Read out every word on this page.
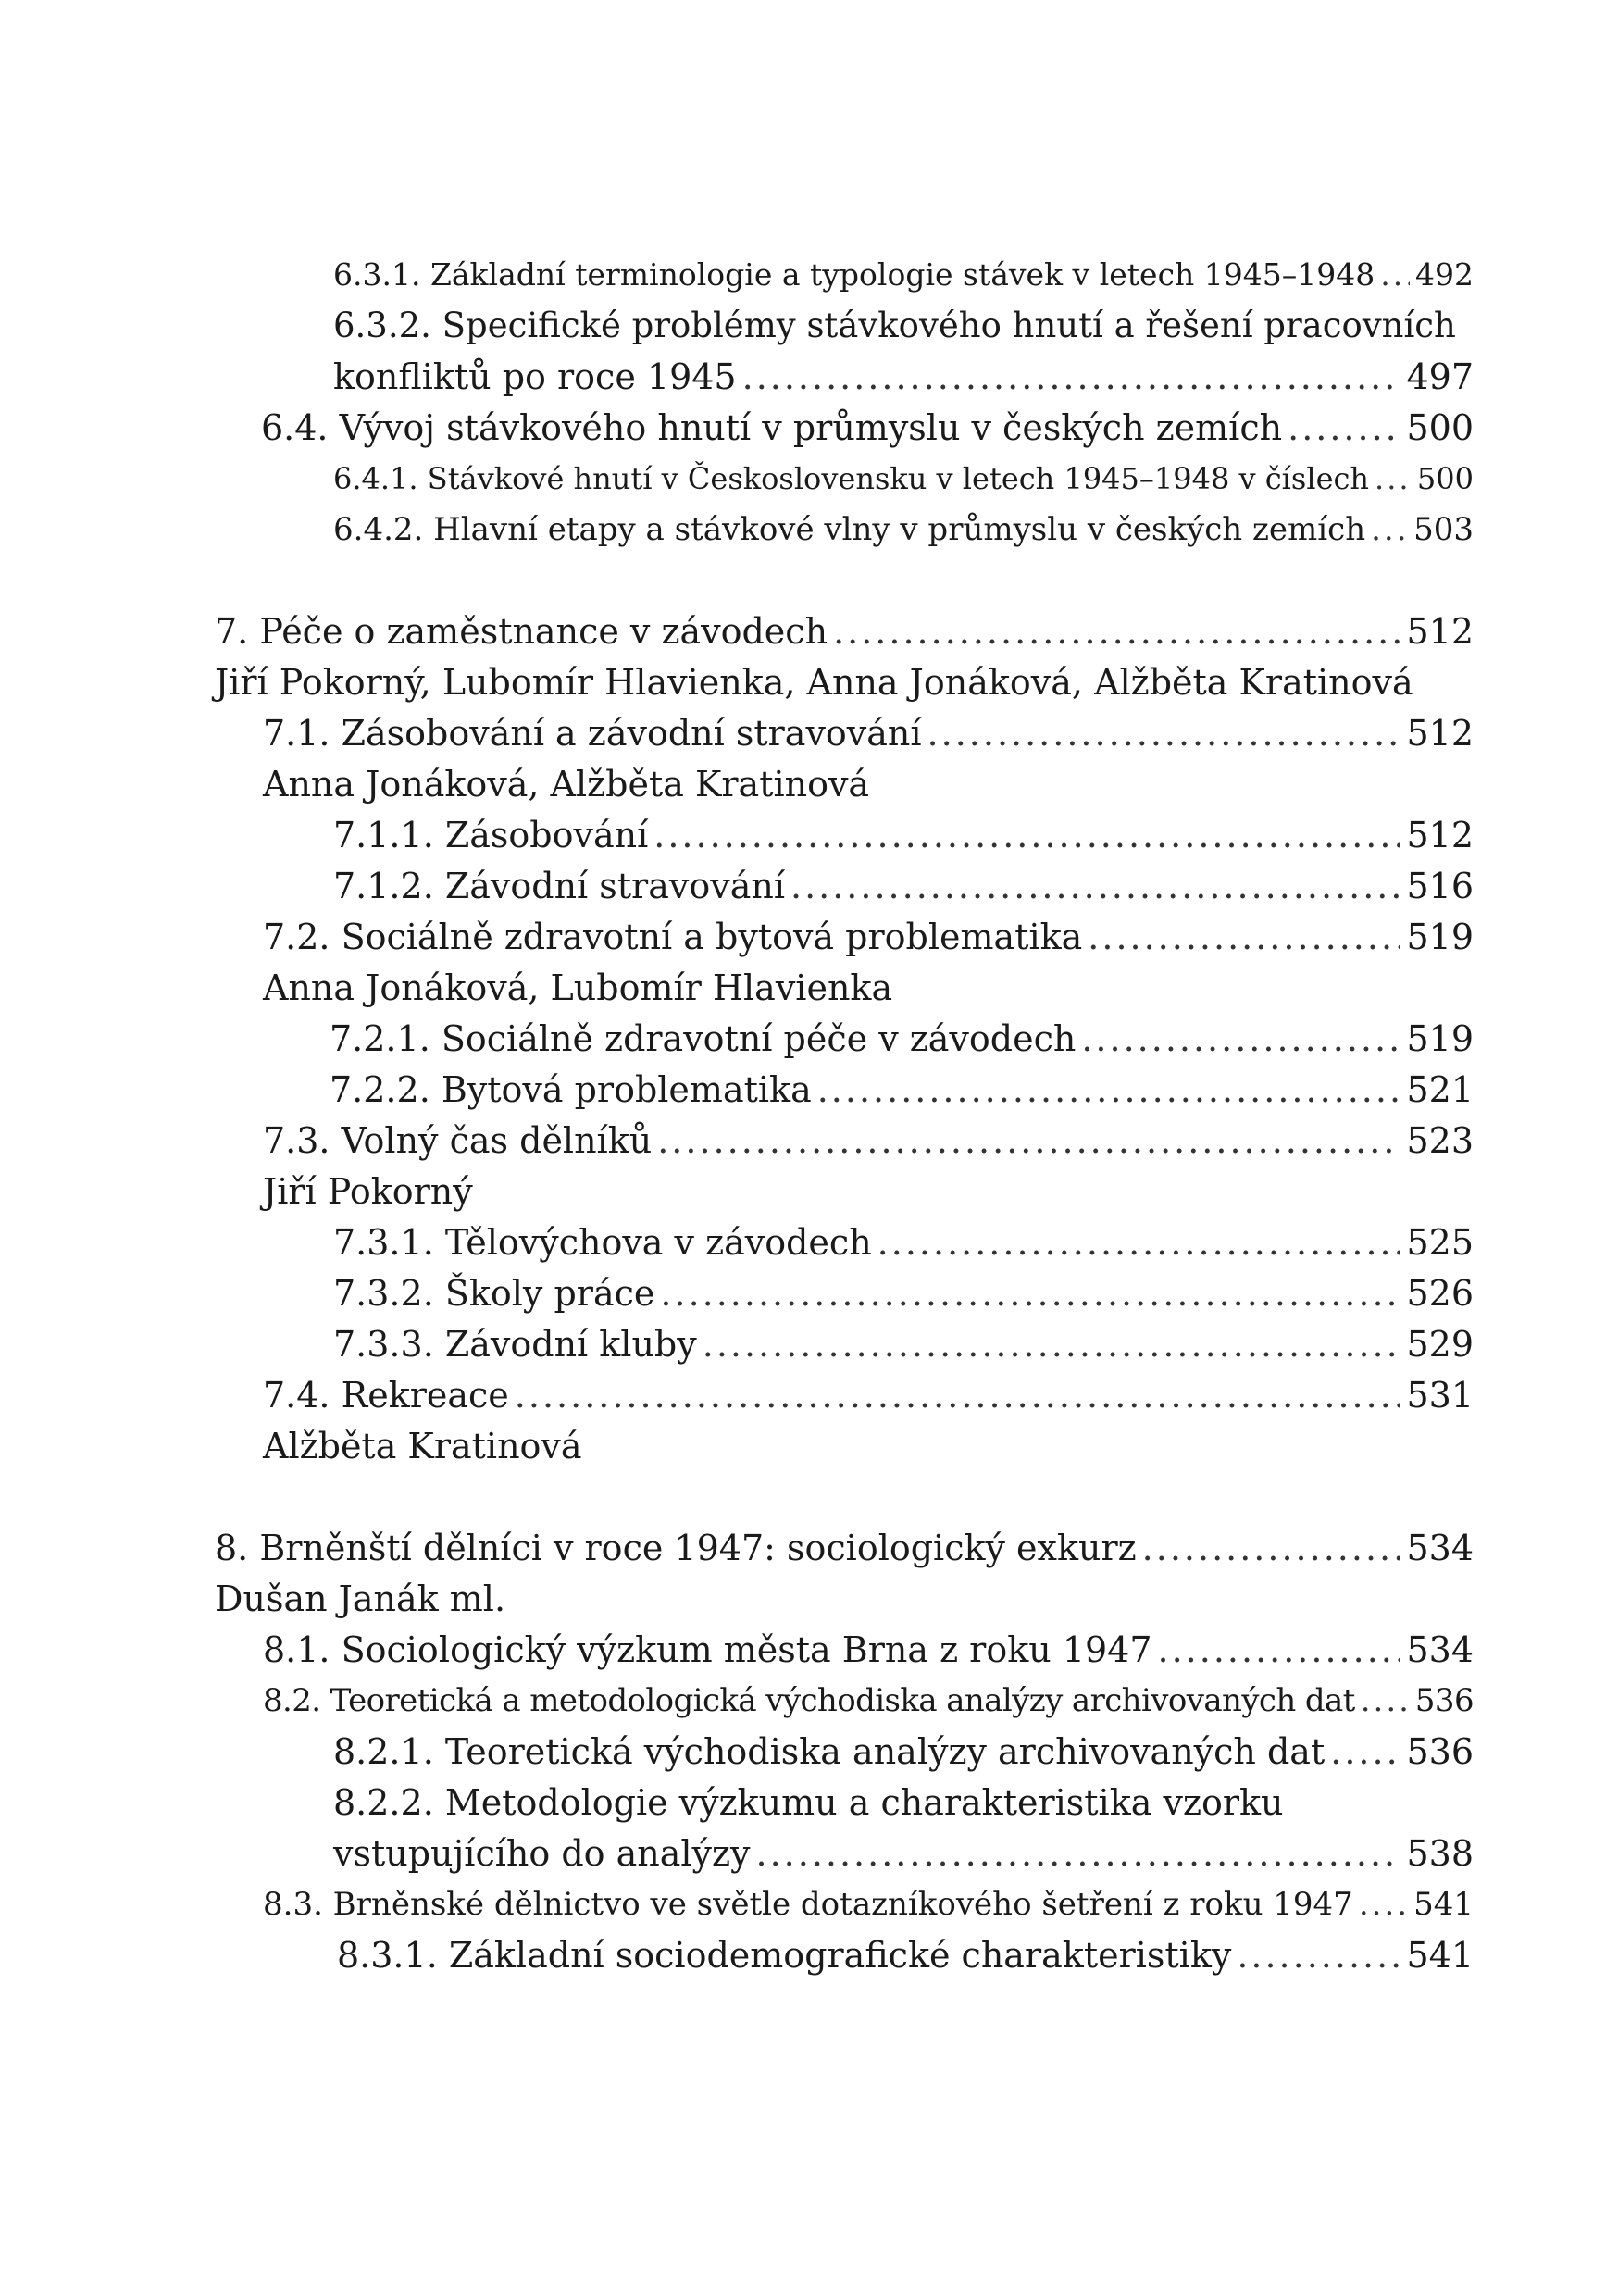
6.3.1. Základní terminologie a typologie stávek v letech 1945–1948 ..... 492
6.3.2. Specifické problémy stávkového hnutí a řešení pracovních
konfliktů po roce 1945 .....	497
6.4. Vývoj stávkového hnutí v průmyslu v českých zemích .....	500
6.4.1. Stávkové hnutí v Československu v letech 1945–1948 v číslech ..... 500
6.4.2. Hlavní etapy a stávkové vlny v průmyslu v českých zemích ..... 503
7. Péče o zaměstnance v závodech .....	512
Jiří Pokorný, Lubomír Hlavienka, Anna Jonáková, Alžběta Kratinová
7.1. Zásobování a závodní stravování .....	512
Anna Jonáková, Alžběta Kratinová
7.1.1. Zásobování .....	512
7.1.2. Závodní stravování .....	516
7.2. Sociálně zdravotní a bytová problematika .....	519
Anna Jonáková, Lubomír Hlavienka
7.2.1. Sociálně zdravotní péče v závodech .....	519
7.2.2. Bytová problematika .....	521
7.3. Volný čas dělníků .....	523
Jiří Pokorný
7.3.1. Tělovýchova v závodech .....	525
7.3.2. Školy práce .....	526
7.3.3. Závodní kluby .....	529
7.4. Rekreace .....	531
Alžběta Kratinová
8. Brněnští dělníci v roce 1947: sociologický exkurz .....	534
Dušan Janák ml.
8.1. Sociologický výzkum města Brna z roku 1947 .....	534
8.2. Teoretická a metodologická východiska analýzy archivovaných dat ..... 536
8.2.1. Teoretická východiska analýzy archivovaných dat ..... 536
8.2.2. Metodologie výzkumu a charakteristika vzorku
vstupujícího do analýzy .....	538
8.3. Brněnské dělnictvo ve světle dotazníkového šetření z roku 1947 ..... 541
8.3.1. Základní sociodemografické charakteristiky .....	541
